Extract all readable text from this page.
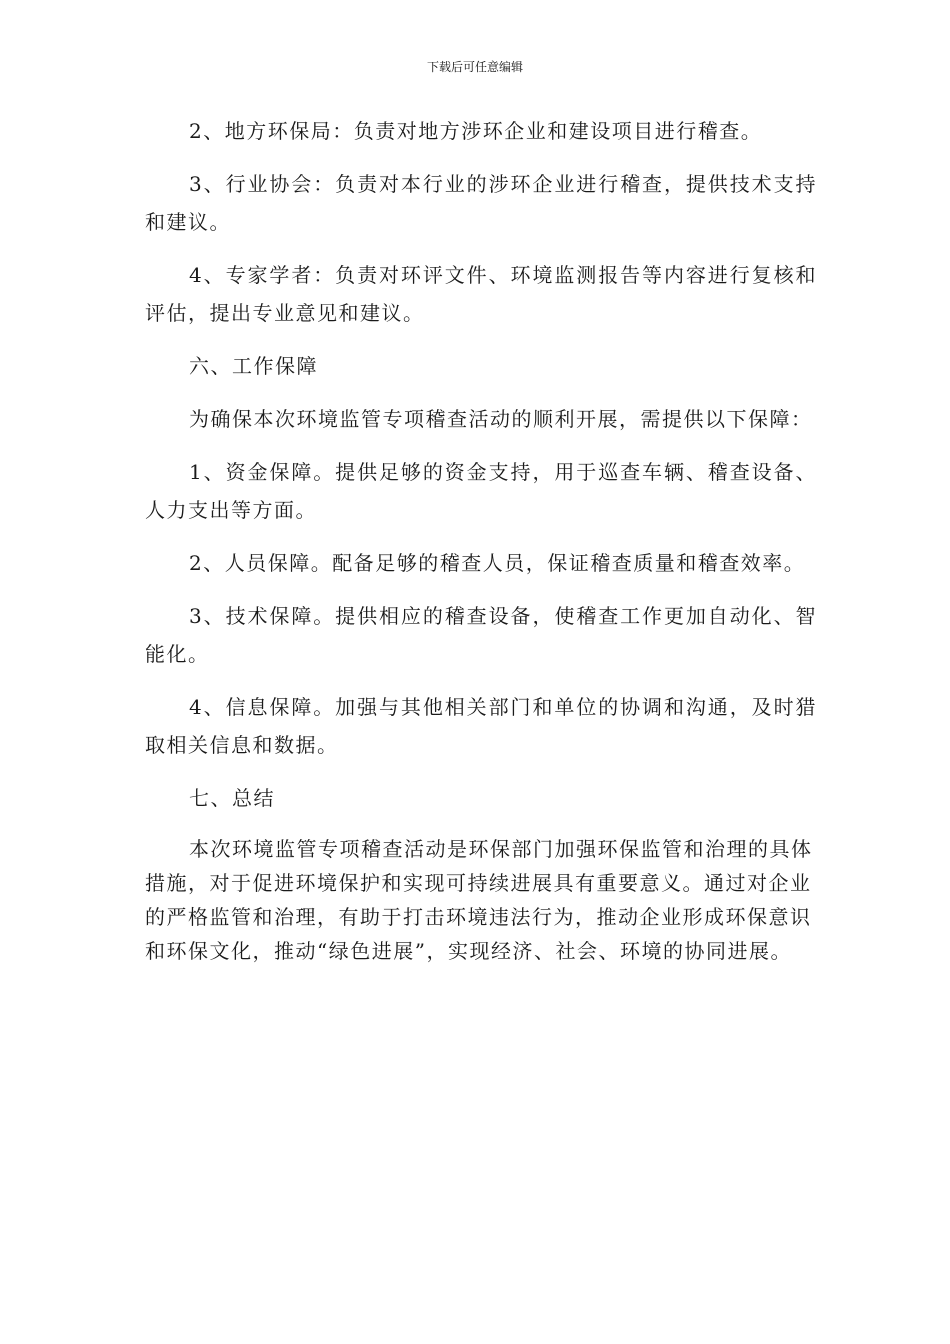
下载后可任意编辑

2、地方环保局：负责对地方涉环企业和建设项目进行稽查。

3、行业协会：负责对本行业的涉环企业进行稽查，提供技术支持和建议。

4、专家学者：负责对环评文件、环境监测报告等内容进行复核和评估，提出专业意见和建议。

六、工作保障

为确保本次环境监管专项稽查活动的顺利开展，需提供以下保障：

1、资金保障。提供足够的资金支持，用于巡查车辆、稽查设备、人力支出等方面。

2、人员保障。配备足够的稽查人员，保证稽查质量和稽查效率。

3、技术保障。提供相应的稽查设备，使稽查工作更加自动化、智能化。

4、信息保障。加强与其他相关部门和单位的协调和沟通，及时猎取相关信息和数据。

七、总结

本次环境监管专项稽查活动是环保部门加强环保监管和治理的具体措施，对于促进环境保护和实现可持续进展具有重要意义。通过对企业的严格监管和治理，有助于打击环境违法行为，推动企业形成环保意识和环保文化，推动“绿色进展”，实现经济、社会、环境的协同进展。
